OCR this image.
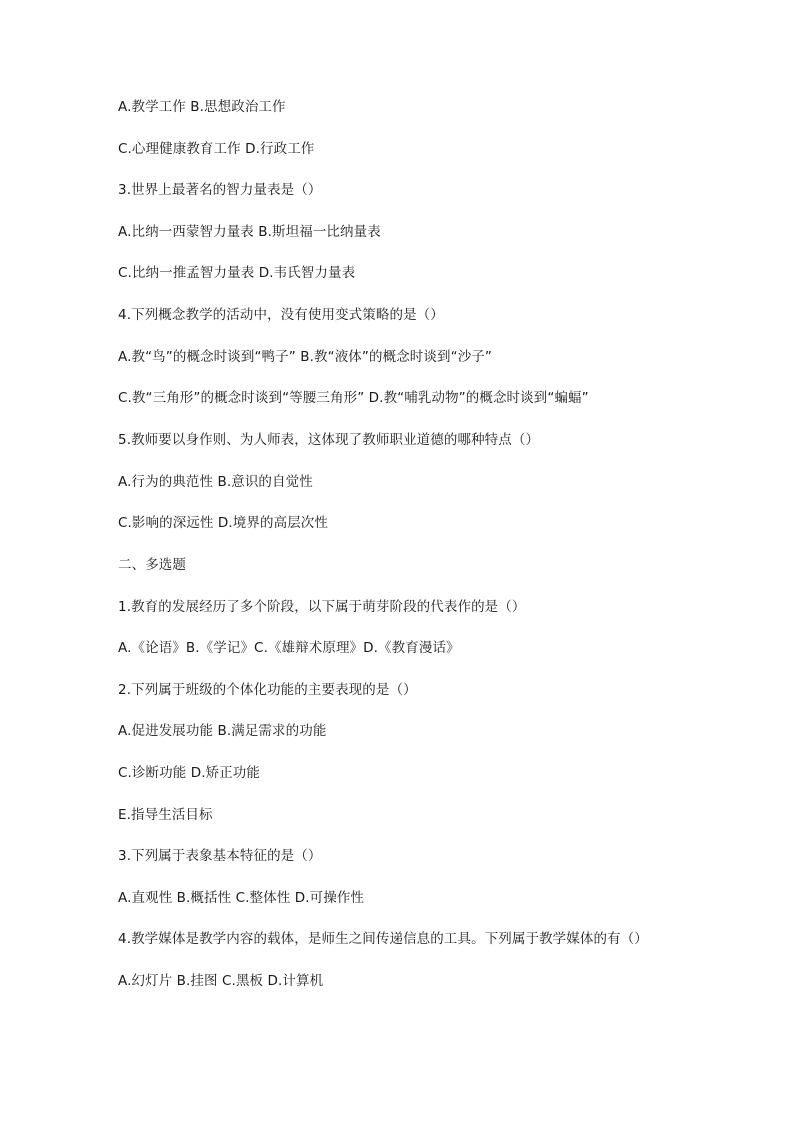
A.教学工作 B.思想政治工作
C.心理健康教育工作 D.行政工作
3.世界上最著名的智力量表是（）
A.比纳一西蒙智力量表 B.斯坦福一比纳量表
C.比纳一推孟智力量表 D.韦氏智力量表
4.下列概念教学的活动中，没有使用变式策略的是（）
A.教“鸟”的概念时谈到“鸭子” B.教“液体”的概念时谈到“沙子”
C.教“三角形”的概念时谈到“等腰三角形” D.教“哺乳动物”的概念时谈到“蝙蝠”
5.教师要以身作则、为人师表，这体现了教师职业道德的哪种特点（）
A.行为的典范性 B.意识的自觉性
C.影响的深远性 D.境界的高层次性
二、多选题
1.教育的发展经历了多个阶段，以下属于萌芽阶段的代表作的是（）
A.《论语》B.《学记》C.《雄辩术原理》D.《教育漫话》
2.下列属于班级的个体化功能的主要表现的是（）
A.促进发展功能 B.满足需求的功能
C.诊断功能 D.矫正功能
E.指导生活目标
3.下列属于表象基本特征的是（）
A.直观性 B.概括性 C.整体性 D.可操作性
4.教学媒体是教学内容的载体，是师生之间传递信息的工具。下列属于教学媒体的有（）
A.幻灯片 B.挂图 C.黑板 D.计算机
